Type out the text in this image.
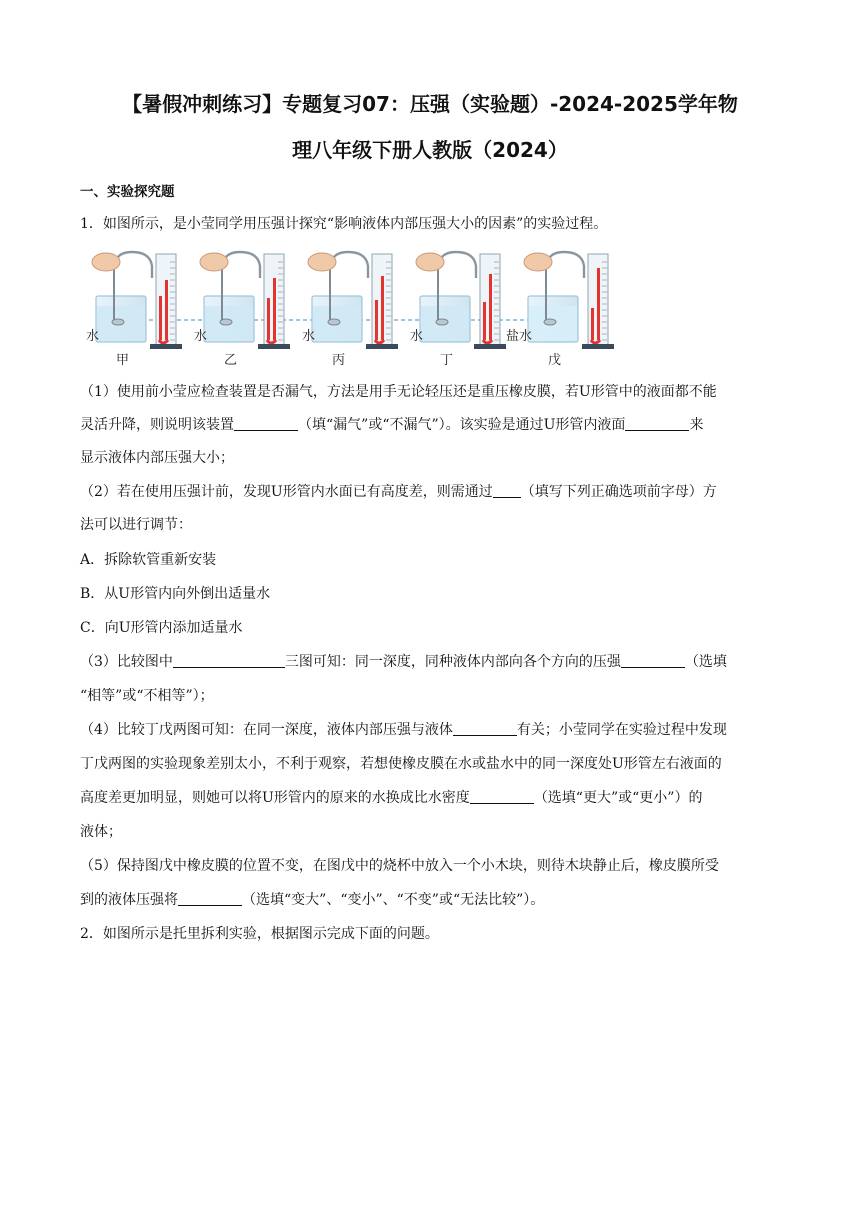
【暑假冲刺练习】专题复习07：压强（实验题）-2024-2025学年物
理八年级下册人教版（2024）
一、实验探究题
1．如图所示，是小莹同学用压强计探究“影响液体内部压强大小的因素”的实验过程。
水
甲
水
乙
水
丙
水
丁
盐水
戊
（1）使用前小莹应检查装置是否漏气，方法是用手无论轻压还是重压橡皮膜，若U形管中的液面都不能
灵活升降，则说明该装置	（填“漏气”或“不漏气”）。该实验是通过U形管内液面	来
显示液体内部压强大小；
（2）若在使用压强计前，发现U形管内水面已有高度差，则需通过 （填写下列正确选项前字母）方
法可以进行调节：
A．拆除软管重新安装
B．从U形管内向外倒出适量水
C．向U形管内添加适量水
（3）比较图中	三图可知：同一深度，同种液体内部向各个方向的压强	（选填
“相等”或“不相等”）；
（4）比较丁戊两图可知：在同一深度，液体内部压强与液体	有关；小莹同学在实验过程中发现
丁戊两图的实验现象差别太小，不利于观察，若想使橡皮膜在水或盐水中的同一深度处U形管左右液面的
高度差更加明显，则她可以将U形管内的原来的水换成比水密度	（选填“更大”或“更小”）的
液体；
（5）保持图戊中橡皮膜的位置不变，在图戊中的烧杯中放入一个小木块，则待木块静止后，橡皮膜所受
到的液体压强将	（选填“变大”、“变小”、“不变”或“无法比较”）。
2．如图所示是托里拆利实验，根据图示完成下面的问题。
